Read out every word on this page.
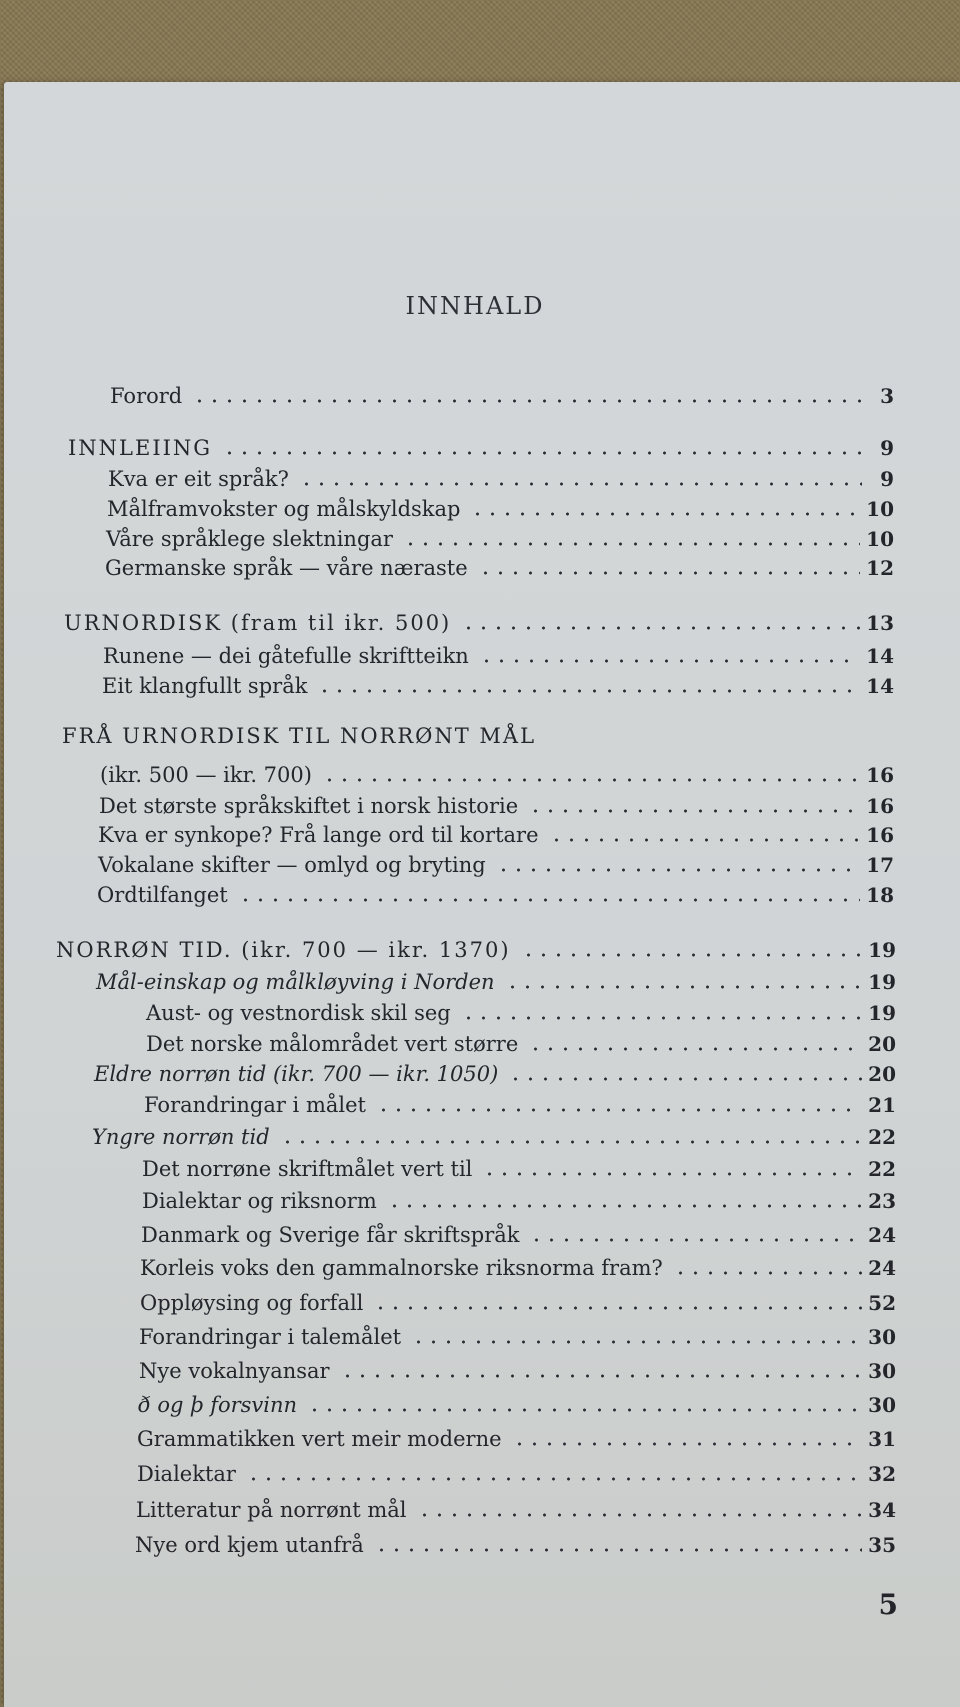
INNHALD
Forord	3
INNLEIING	9
Kva er eit språk?	9
Målframvokster og målskyldskap	10
Våre språklege slektningar	10
Germanske språk — våre næraste	12
URNORDISK (fram til ikr. 500)	13
Runene — dei gåtefulle skriftteikn	14
Eit klangfullt språk	14
FRÅ URNORDISK TIL NORRØNT MÅL
(ikr. 500 — ikr. 700)	16
Det største språkskiftet i norsk historie	16
Kva er synkope? Frå lange ord til kortare	16
Vokalane skifter — omlyd og bryting	17
Ordtilfanget	18
NORRØN TID. (ikr. 700 — ikr. 1370)	19
Mål-einskap og målkløyving i Norden	19
Aust- og vestnordisk skil seg	19
Det norske målområdet vert større	20
Eldre norrøn tid (ikr. 700 — ikr. 1050)	20
Forandringar i målet	21
Yngre norrøn tid	22
Det norrøne skriftmålet vert til	22
Dialektar og riksnorm	23
Danmark og Sverige får skriftspråk	24
Korleis voks den gammalnorske riksnorma fram?	24
Oppløysing og forfall	52
Forandringar i talemålet	30
Nye vokalnyansar	30
ð og þ forsvinn	30
Grammatikken vert meir moderne	31
Dialektar	32
Litteratur på norrønt mål	34
Nye ord kjem utanfrå	35
5
